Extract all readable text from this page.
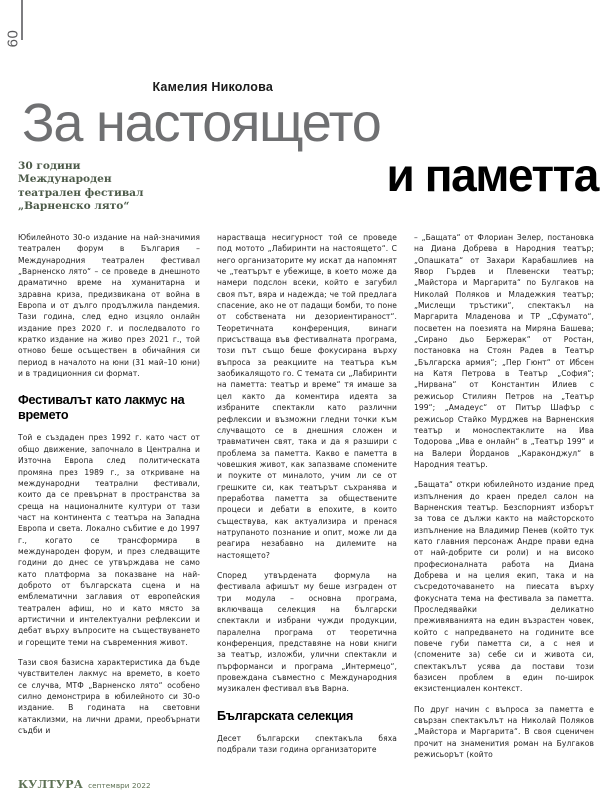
60
Камелия Николова
За настоящето
и паметта
30 години
Международен
театрален фестивал
„Варненско лято“

Юбилейното 30-о издание на най-значимия театрален форум в България – Международния театрален фестивал „Варненско лято“ – се проведе в днешното драматично време на хуманитарна и здравна криза, предизвикана от война в Европа и от дълго продължила пандемия. Тази година, след едно изцяло онлайн издание през 2020 г. и последвалото го кратко издание на живо през 2021 г., той отново беше осъществен в обичайния си период в началото на юни (31 май–10 юни) и в традиционния си формат.

Фестивалът като лакмус на времето

Той е създаден през 1992 г. като част от общо движение, започнало в Централна и Източна Европа след политическата промяна през 1989 г., за откриване на международни театрални фестивали, които да се превърнат в пространства за среща на националните култури от тази част на континента с театъра на Западна Европа и света. Локално събитие е до 1997 г., когато се трансформира в международен форум, и през следващите години до днес се утвърждава не само като платформа за показване на най-доброто от българската сцена и на емблематични заглавия от европейския театрален афиш, но и като място за артистични и интелектуални рефлексии и дебат върху въпросите на съществуването и горещите теми на съвременния живот.

Тази своя базисна характеристика да бъде чувствителен лакмус на времето, в което се случва, МТФ „Варненско лято“ особено силно демонстрира в юбилейното си 30-о издание. В годината на световни катаклизми, на лични драми, преобърнати съдби и

нарастваща несигурност той се проведе под мотото „Лабиринти на настоящето“. С него организаторите му искат да напомнят че „театърът е убежище, в което може да намери подслон всеки, който е загубил своя път, вяра и надежда; че той предлага спасение, ако не от падащи бомби, то поне от собствената ни дезориентираност“. Теоретичната конференция, винаги присъстваща във фестивалната програма, този път също беше фокусирана върху въпроса за реакциите на театъра към заобикалящото го. С темата си „Лабиринти на паметта: театър и време“ тя имаше за цел както да коментира идеята за избраните спектакли като различни рефлексии и възможни гледни точки към случващото се в днешния сложен и травматичен свят, така и да я разшири с проблема за паметта. Какво е паметта в човешкия живот, как запазваме спомените и поуките от миналото, учим ли се от грешките си, как театърът съхранява и преработва паметта за обществените процеси и дебати в епохите, в които съществува, как актуализира и пренася натрупаното познание и опит, може ли да реагира незабавно на дилемите на настоящето?

Според утвърдената формула на фестивала афишът му беше изграден от три модула – основна програма, включваща селекция на български спектакли и избрани чужди продукции, паралелна програма от теоретична конференция, представяне на нови книги за театър, изложби, улични спектакли и пърформанси и програма „Интермецо“, провеждана съвместно с Международния музикален фестивал във Варна.

Българската селекция

Десет български спектакъла бяха подбрали тази година организаторите

– „Бащата“ от Флориан Зелер, постановка на Диана Добрева в Народния театър; „Опашката“ от Захари Карабашлиев на Явор Гърдев и Плевенски театър; „Майстора и Маргарита“ по Булгаков на Николай Поляков и Младежкия театър; „Мислещи тръстики“, спектакъл на Маргарита Младенова и ТР „Сфумато“, посветен на поезията на Миряна Башева; „Сирано дьо Бержерак“ от Ростан, постановка на Стоян Радев в Театър „Българска армия“; „Пер Гюнт“ от Ибсен на Катя Петрова в Театър „София“; „Нирвана“ от Константин Илиев с режисьор Стилиян Петров на „Театър 199“; „Амадеус“ от Питър Шафър с режисьор Стайко Мурджев на Варненския театър и моноспектаклите на Ива Тодорова „Ива е онлайн“ в „Театър 199“ и на Валери Йорданов „Караконджул“ в Народния театър.

„Бащата“ откри юбилейното издание пред изпълнения до краен предел салон на Варненския театър. Безспорният изборът за това се дължи както на майсторското изпълнение на Владимир Пенев (който тук като главния персонаж Андре прави една от най-добрите си роли) и на високо професионалната работа на Диана Добрева и на целия екип, така и на съсредоточаването на пиесата върху фокусната тема на фестивала за паметта. Проследявайки деликатно преживяванията на един възрастен човек, който с напредването на годините все повече губи паметта си, а с нея и (спомените за) себе си и живота си, спектакълът усява да постави този базисен проблем в един по-широк екзистенциален контекст.

По друг начин с въпроса за паметта е свързан спектакълът на Николай Поляков „Майстора и Маргарита“. В своя сценичен прочит на знаменития роман на Булгаков режисьорът (който

КУЛТУРА септември 2022
